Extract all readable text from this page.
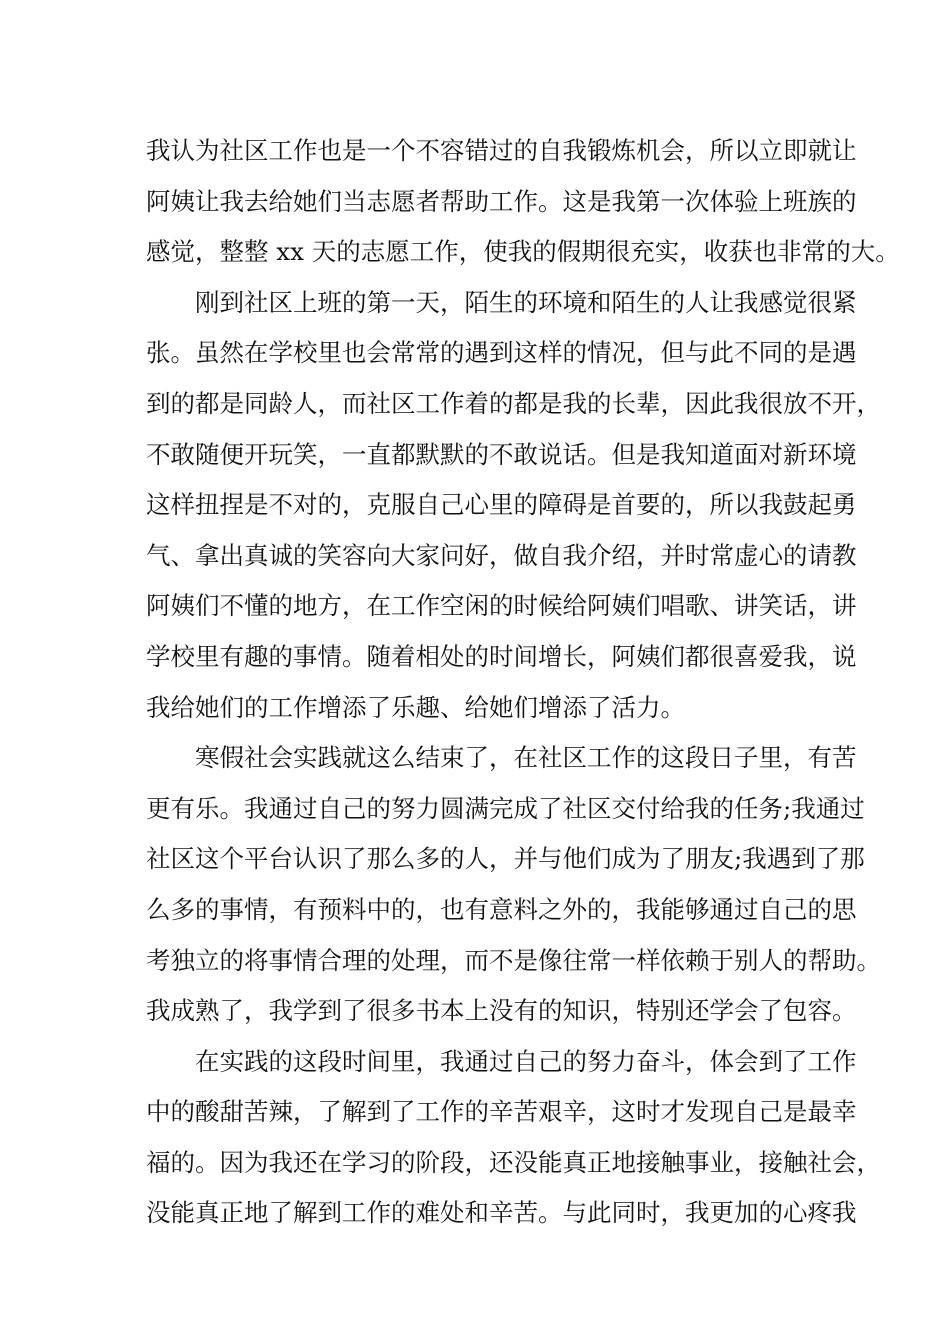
我认为社区工作也是一个不容错过的自我锻炼机会，所以立即就让
阿姨让我去给她们当志愿者帮助工作。这是我第一次体验上班族的
感觉，整整 xx 天的志愿工作，使我的假期很充实，收获也非常的大。
　　刚到社区上班的第一天，陌生的环境和陌生的人让我感觉很紧
张。虽然在学校里也会常常的遇到这样的情况，但与此不同的是遇
到的都是同龄人，而社区工作着的都是我的长辈，因此我很放不开，
不敢随便开玩笑，一直都默默的不敢说话。但是我知道面对新环境
这样扭捏是不对的，克服自己心里的障碍是首要的，所以我鼓起勇
气、拿出真诚的笑容向大家问好，做自我介绍，并时常虚心的请教
阿姨们不懂的地方，在工作空闲的时候给阿姨们唱歌、讲笑话，讲
学校里有趣的事情。随着相处的时间增长，阿姨们都很喜爱我，说
我给她们的工作增添了乐趣、给她们增添了活力。
　　寒假社会实践就这么结束了，在社区工作的这段日子里，有苦
更有乐。我通过自己的努力圆满完成了社区交付给我的任务;我通过
社区这个平台认识了那么多的人，并与他们成为了朋友;我遇到了那
么多的事情，有预料中的，也有意料之外的，我能够通过自己的思
考独立的将事情合理的处理，而不是像往常一样依赖于别人的帮助。
我成熟了，我学到了很多书本上没有的知识，特别还学会了包容。
　　在实践的这段时间里，我通过自己的努力奋斗，体会到了工作
中的酸甜苦辣，了解到了工作的辛苦艰辛，这时才发现自己是最幸
福的。因为我还在学习的阶段，还没能真正地接触事业，接触社会，
没能真正地了解到工作的难处和辛苦。与此同时，我更加的心疼我
